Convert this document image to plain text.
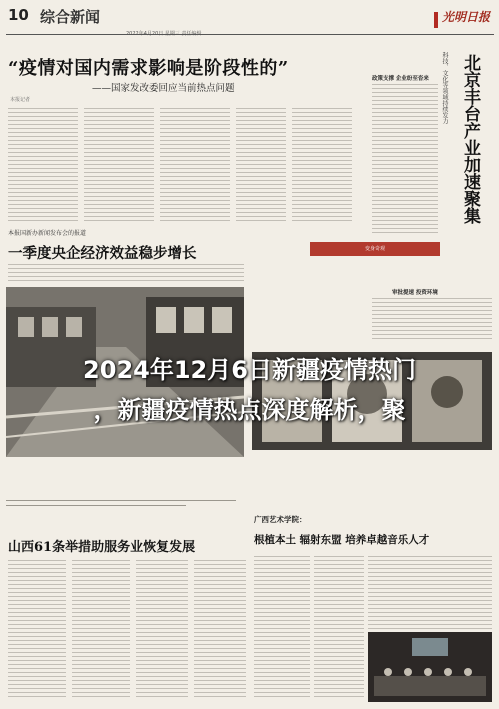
10 综合新闻
2022年4月20日 星期三 责任编辑
光明日报
“疫情对国内需求影响是阶段性的”
——国家发改委回应当前热点问题
本报记者
本报国新办新闻发布会的报道
一季度央企经济效益稳步增长
山西61条举措助服务业恢复发展
科技、文化等领域持续发力 北京丰台产业加速聚集
政策支撑 企业纷至沓来
审批提速 投资环境
变身奇观
广西艺术学院：
根植本土 辐射东盟 培养卓越音乐人才
2024年12月6日新疆疫情热门
，新疆疫情热点深度解析，聚
